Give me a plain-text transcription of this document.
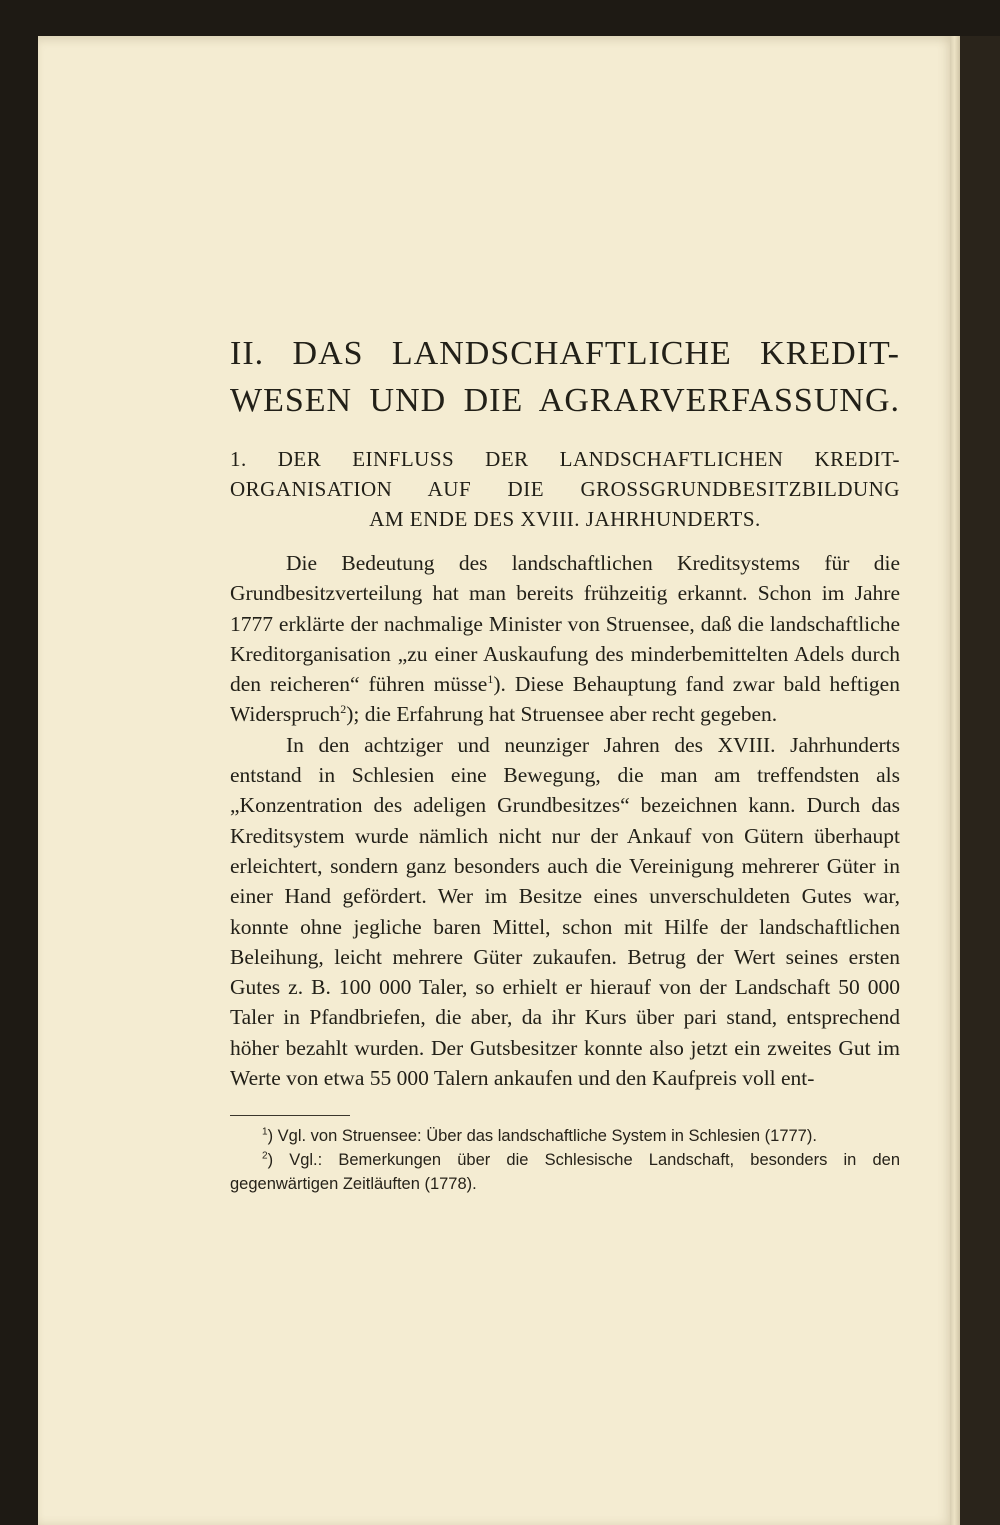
II. DAS LANDSCHAFTLICHE KREDIT-
WESEN UND DIE AGRARVERFASSUNG.
1. DER EINFLUSS DER LANDSCHAFTLICHEN KREDIT-
ORGANISATION AUF DIE GROSSGRUNDBESITZBILDUNG
AM ENDE DES XVIII. JAHRHUNDERTS.

Die Bedeutung des landschaftlichen Kreditsystems für die Grundbesitzverteilung hat man bereits frühzeitig erkannt. Schon im Jahre 1777 erklärte der nachmalige Minister von Struensee, daß die landschaftliche Kreditorganisation „zu einer Auskaufung des minderbemittelten Adels durch den reicheren“ führen müsse$^1$). Diese Behauptung fand zwar bald heftigen Widerspruch$^2$); die Erfahrung hat Struensee aber recht gegeben.

In den achtziger und neunziger Jahren des XVIII. Jahrhunderts entstand in Schlesien eine Bewegung, die man am treffendsten als „Konzentration des adeligen Grundbesitzes“ bezeichnen kann. Durch das Kreditsystem wurde nämlich nicht nur der Ankauf von Gütern überhaupt erleichtert, sondern ganz besonders auch die Vereinigung mehrerer Güter in einer Hand gefördert. Wer im Besitze eines unverschuldeten Gutes war, konnte ohne jegliche baren Mittel, schon mit Hilfe der landschaftlichen Beleihung, leicht mehrere Güter zukaufen. Betrug der Wert seines ersten Gutes z. B. 100 000 Taler, so erhielt er hierauf von der Landschaft 50 000 Taler in Pfandbriefen, die aber, da ihr Kurs über pari stand, entsprechend höher bezahlt wurden. Der Gutsbesitzer konnte also jetzt ein zweites Gut im Werte von etwa 55 000 Talern ankaufen und den Kaufpreis voll ent-

$^1$) Vgl. von Struensee: Über das landschaftliche System in Schlesien (1777).

$^2$) Vgl.: Bemerkungen über die Schlesische Landschaft, besonders in den gegenwärtigen Zeitläuften (1778).
